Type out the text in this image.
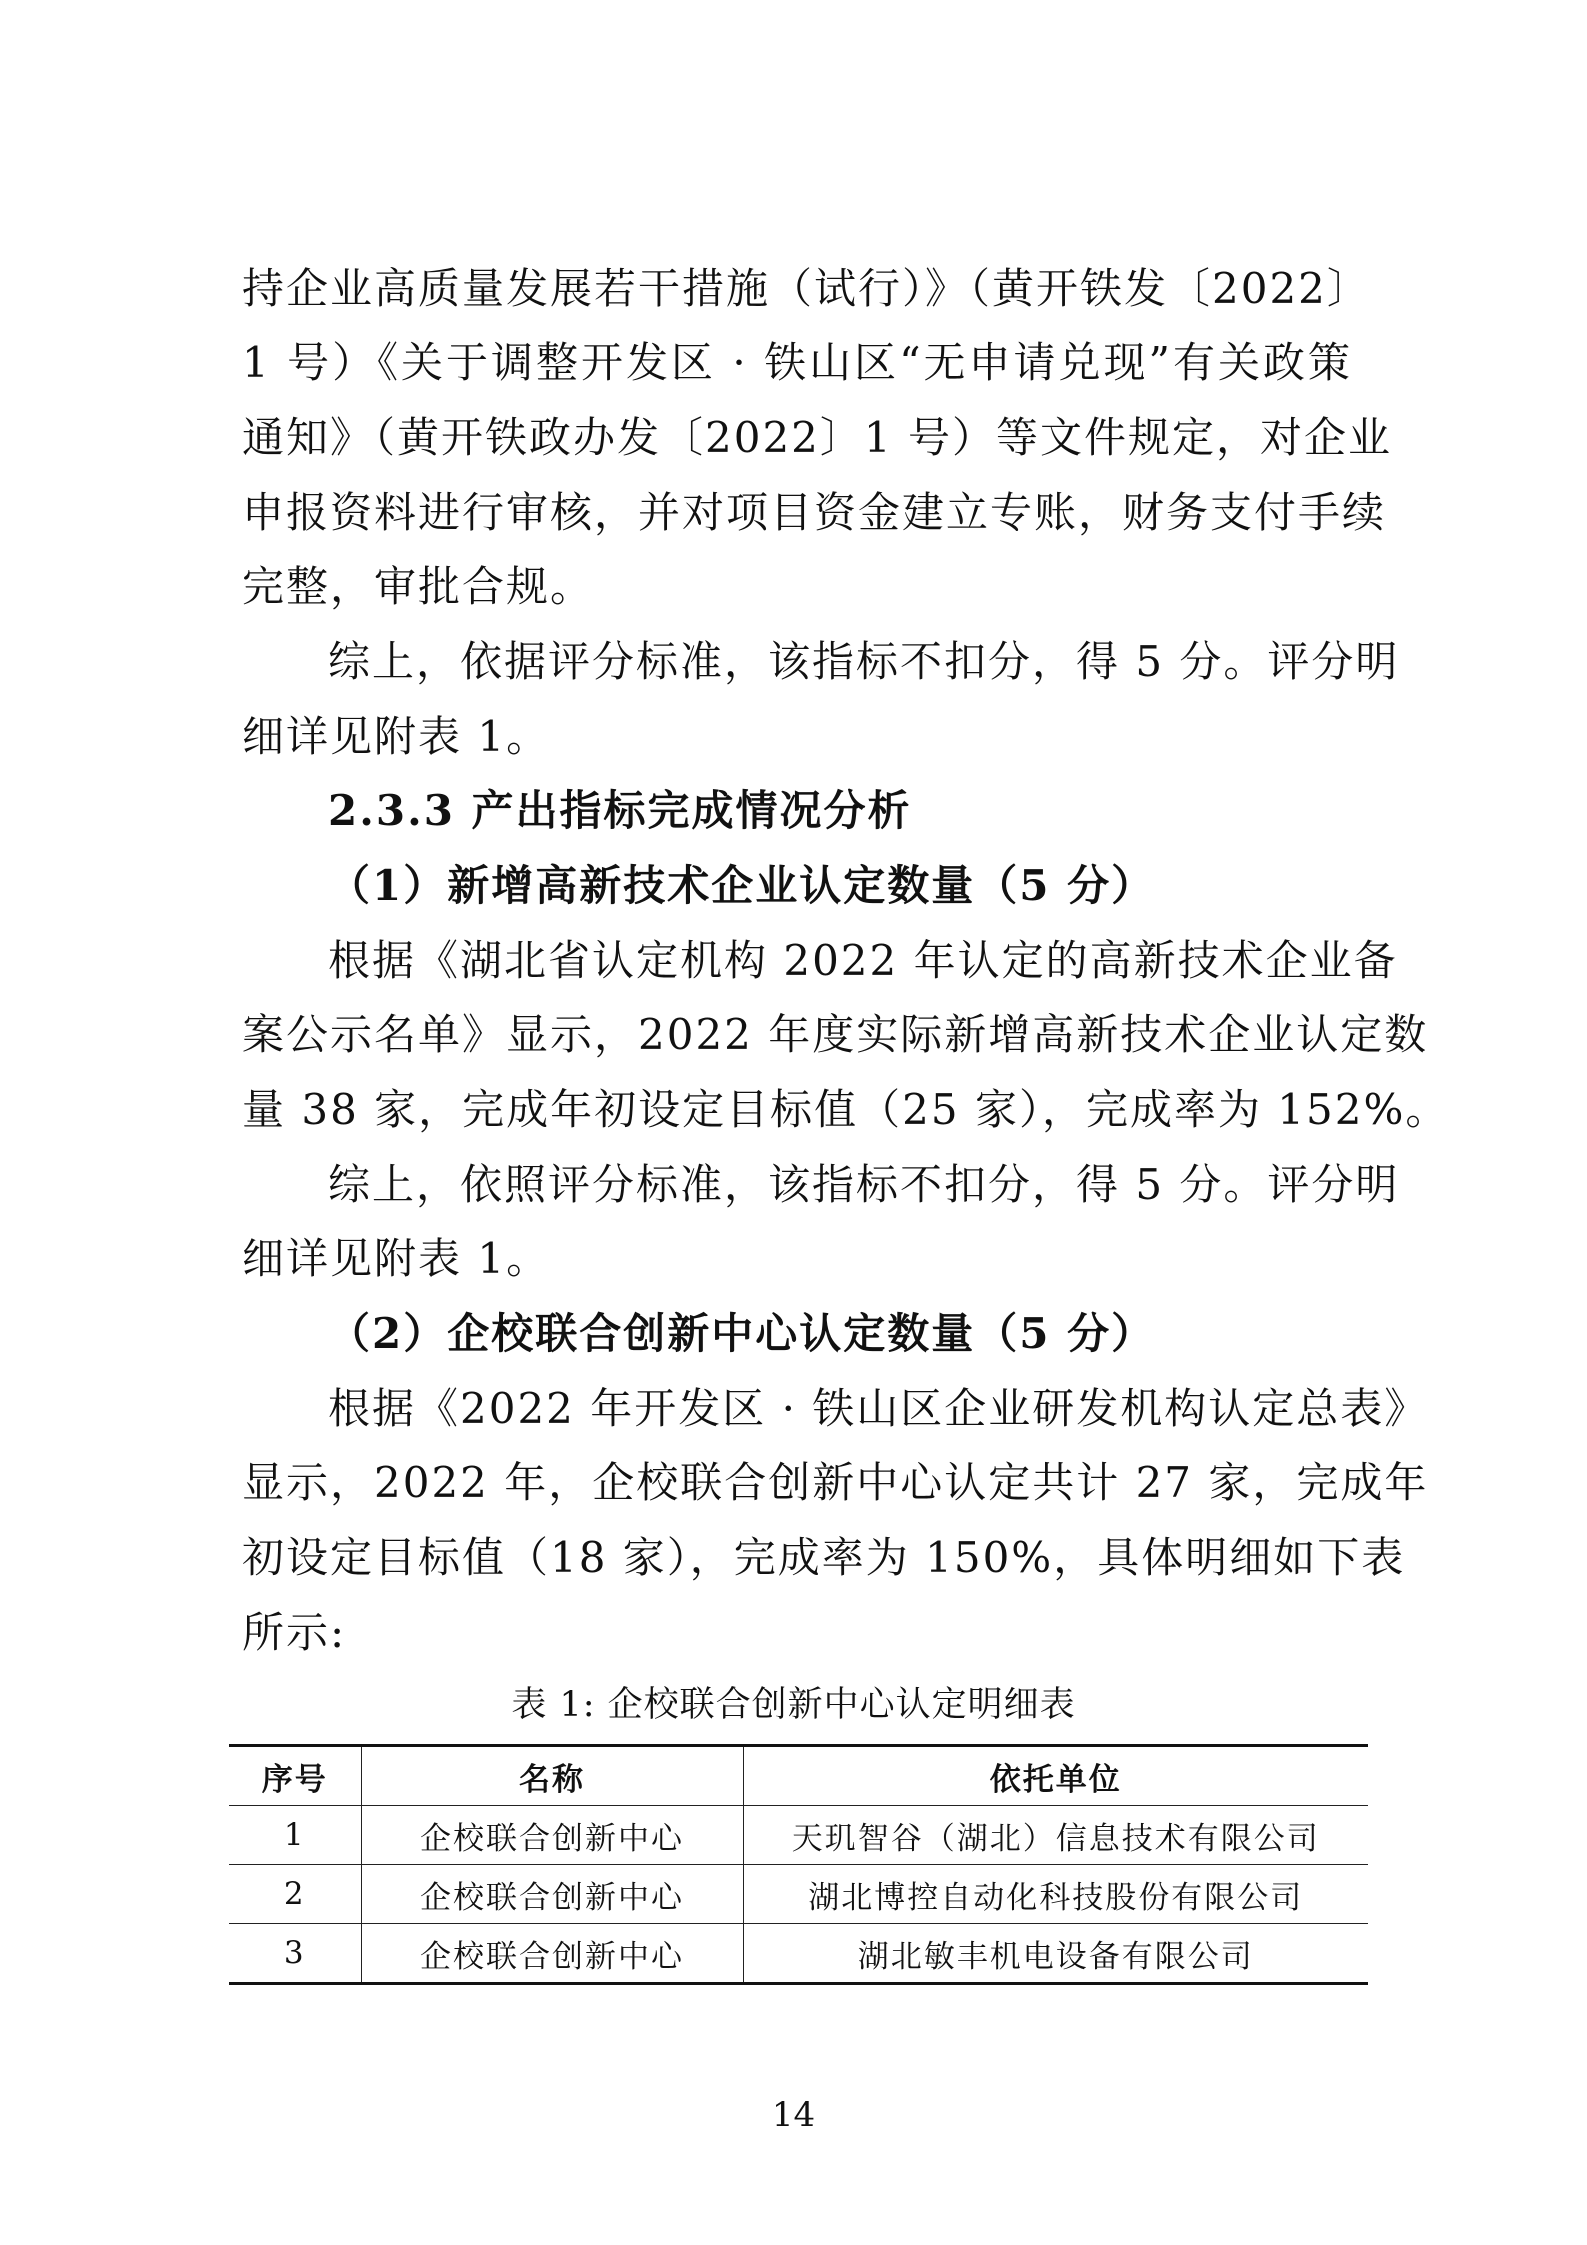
持企业高质量发展若干措施（试行）》（黄开铁发〔2022〕
1 号）《关于调整开发区 · 铁山区“无申请兑现”有关政策
通知》（黄开铁政办发〔2022〕1 号）等文件规定，对企业
申报资料进行审核，并对项目资金建立专账，财务支付手续
完整，审批合规。
综上，依据评分标准，该指标不扣分，得 5 分。评分明
细详见附表 1。
2.3.3 产出指标完成情况分析
（1）新增高新技术企业认定数量（5 分）
根据《湖北省认定机构 2022 年认定的高新技术企业备
案公示名单》显示，2022 年度实际新增高新技术企业认定数
量 38 家，完成年初设定目标值（25 家），完成率为 152%。
综上，依照评分标准，该指标不扣分，得 5 分。评分明
细详见附表 1。
（2）企校联合创新中心认定数量（5 分）
根据《2022 年开发区 · 铁山区企业研发机构认定总表》
显示，2022 年，企校联合创新中心认定共计 27 家，完成年
初设定目标值（18 家），完成率为 150%，具体明细如下表
所示:
表 1: 企校联合创新中心认定明细表
序号	名称	依托单位
1	企校联合创新中心	天玑智谷（湖北）信息技术有限公司
2	企校联合创新中心	湖北博控自动化科技股份有限公司
3	企校联合创新中心	湖北敏丰机电设备有限公司
14
